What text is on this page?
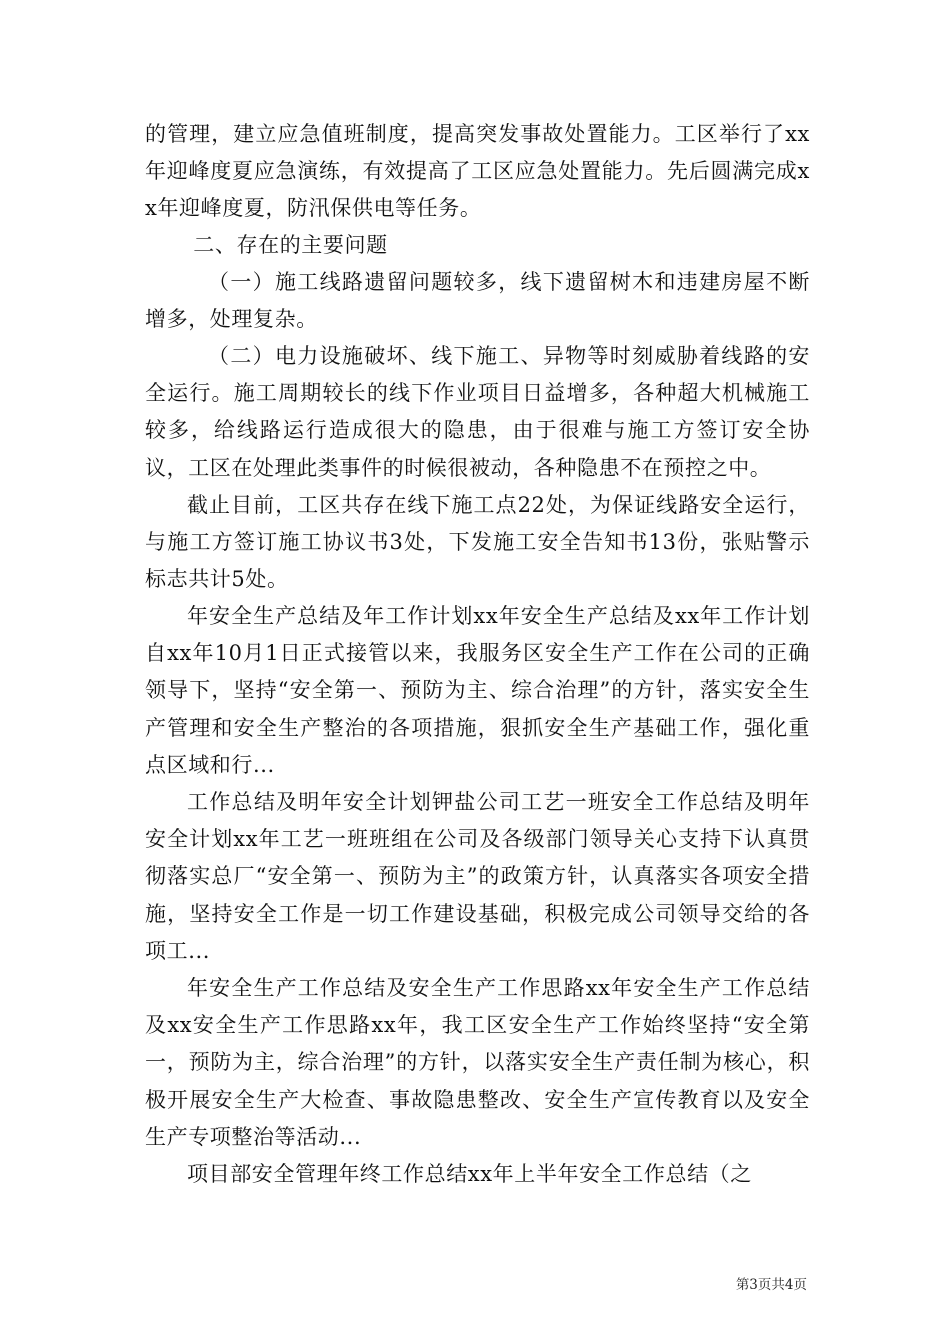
的管理，建立应急值班制度，提高突发事故处置能力。工区举行了xx年迎峰度夏应急演练，有效提高了工区应急处置能力。先后圆满完成xx年迎峰度夏，防汛保供电等任务。

二、存在的主要问题

（一）施工线路遗留问题较多，线下遗留树木和违建房屋不断增多，处理复杂。

（二）电力设施破坏、线下施工、异物等时刻威胁着线路的安全运行。施工周期较长的线下作业项目日益增多，各种超大机械施工较多，给线路运行造成很大的隐患，由于很难与施工方签订安全协议，工区在处理此类事件的时候很被动，各种隐患不在预控之中。

截止目前，工区共存在线下施工点22处，为保证线路安全运行，与施工方签订施工协议书3处，下发施工安全告知书13份，张贴警示标志共计5处。

年安全生产总结及年工作计划xx年安全生产总结及xx年工作计划自xx年10月1日正式接管以来，我服务区安全生产工作在公司的正确领导下，坚持“安全第一、预防为主、综合治理”的方针，落实安全生产管理和安全生产整治的各项措施，狠抓安全生产基础工作，强化重点区域和行...

工作总结及明年安全计划钾盐公司工艺一班安全工作总结及明年安全计划xx年工艺一班班组在公司及各级部门领导关心支持下认真贯彻落实总厂“安全第一、预防为主”的政策方针，认真落实各项安全措施，坚持安全工作是一切工作建设基础，积极完成公司领导交给的各项工...

年安全生产工作总结及安全生产工作思路xx年安全生产工作总结及xx安全生产工作思路xx年，我工区安全生产工作始终坚持“安全第一，预防为主，综合治理”的方针，以落实安全生产责任制为核心，积极开展安全生产大检查、事故隐患整改、安全生产宣传教育以及安全生产专项整治等活动...

项目部安全管理年终工作总结xx年上半年安全工作总结（之

第3页共4页
